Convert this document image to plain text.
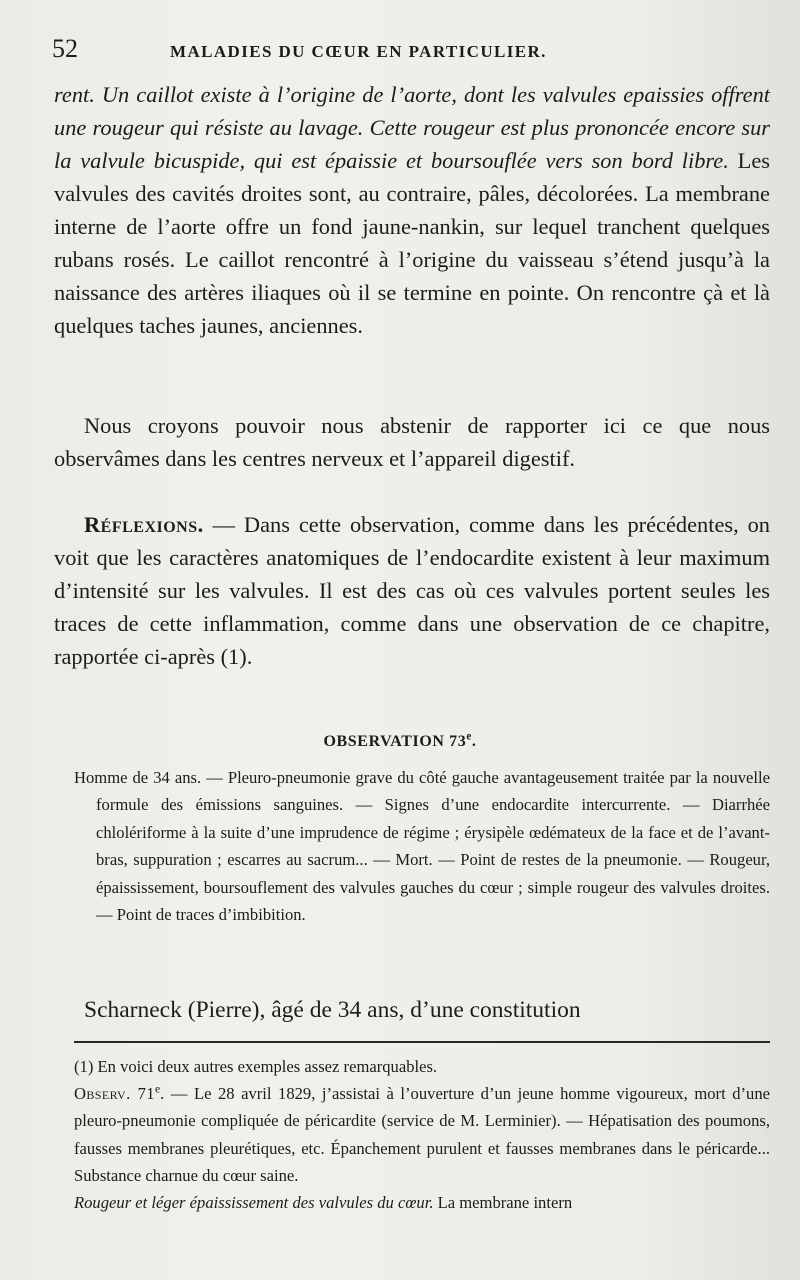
52	MALADIES DU CŒUR EN PARTICULIER.

rent. Un caillot existe à l’origine de l’aorte, dont les valvules epaissies offrent une rougeur qui résiste au lavage. Cette rougeur est plus prononcée encore sur la valvule bicuspide, qui est épaissie et boursouflée vers son bord libre. Les valvules des cavités droites sont, au contraire, pâles, décolorées. La membrane interne de l’aorte offre un fond jaune-nankin, sur lequel tranchent quelques rubans rosés. Le caillot rencontré à l’origine du vaisseau s’étend jusqu’à la naissance des artères iliaques où il se termine en pointe. On rencontre çà et là quelques taches jaunes, anciennes.

Nous croyons pouvoir nous abstenir de rapporter ici ce que nous observâmes dans les centres nerveux et l’appareil digestif.

Réflexions. — Dans cette observation, comme dans les précédentes, on voit que les caractères anatomiques de l’endocardite existent à leur maximum d’intensité sur les valvules. Il est des cas où ces valvules portent seules les traces de cette inflammation, comme dans une observation de ce chapitre, rapportée ci-après (1).

OBSERVATION 73e.

Homme de 34 ans. — Pleuro-pneumonie grave du côté gauche avantageusement traitée par la nouvelle formule des émissions sanguines. — Signes d’une endocardite intercurrente. — Diarrhée chlolériforme à la suite d’une imprudence de régime ; érysipèle œdémateux de la face et de l’avant-bras, suppuration ; escarres au sacrum... — Mort. — Point de restes de la pneumonie. — Rougeur, épaississement, boursouflement des valvules gauches du cœur ; simple rougeur des valvules droites. — Point de traces d’imbibition.

Scharneck (Pierre), âgé de 34 ans, d’une constitution

(1) En voici deux autres exemples assez remarquables.

Observ. 71e. — Le 28 avril 1829, j’assistai à l’ouverture d’un jeune homme vigoureux, mort d’une pleuro-pneumonie compliquée de péricardite (service de M. Lerminier). — Hépatisation des poumons, fausses membranes pleurétiques, etc. Épanchement purulent et fausses membranes dans le péricarde... Substance charnue du cœur saine.

Rougeur et léger épaississement des valvules du cœur. La membrane intern
